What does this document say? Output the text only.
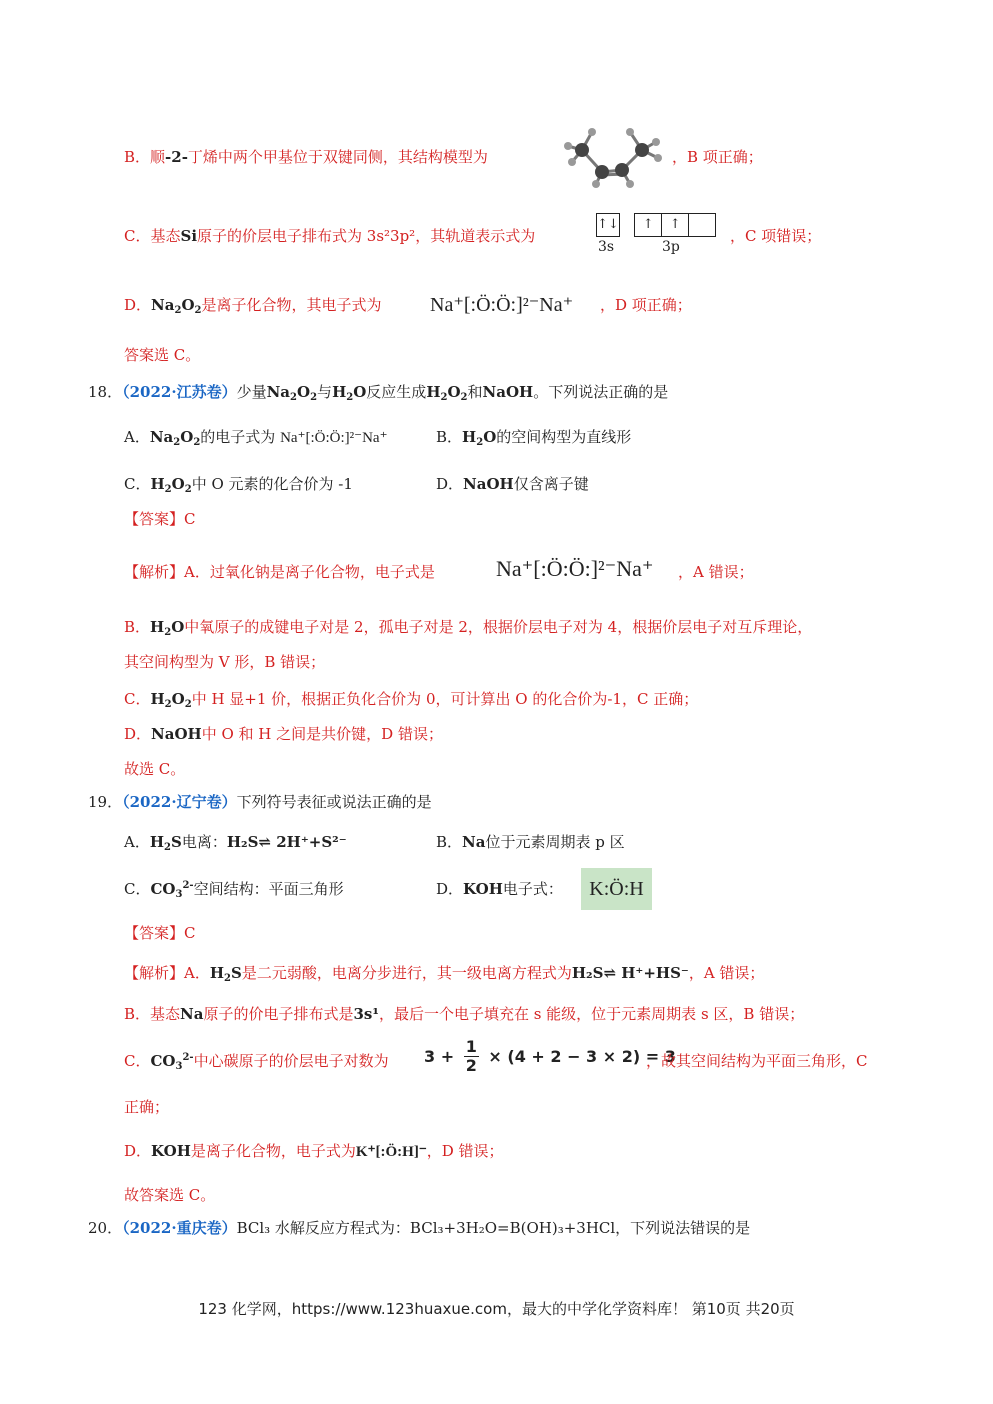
B．顺-2-丁烯中两个甲基位于双键同侧，其结构模型为	，B 项正确；
C．基态Si原子的价层电子排布式为 3s²3p²，其轨道表示式为
↑↓ ↑ ↑
3s	3p
，C 项错误；
D．$Na_2O_2$是离子化合物，其电子式为 Na⁺[:Ö:Ö:]²⁻Na⁺ ，D 项正确；
答案选 C。
18．（2022·江苏卷）少量$Na_2O_2$与$H_2O$反应生成$H_2O_2$和NaOH。下列说法正确的是
A．$Na_2O_2$的电子式为 Na⁺[:Ö:Ö:]²⁻Na⁺	B．$H_2O$的空间构型为直线形
C．$H_2O_2$中 O 元素的化合价为 -1	D．NaOH仅含离子键
【答案】C
【解析】A．过氧化钠是离子化合物，电子式是	Na⁺[:Ö:Ö:]²⁻Na⁺ ，A 错误；
B．$H_2O$中氧原子的成键电子对是 2，孤电子对是 2，根据价层电子对为 4，根据价层电子对互斥理论，
其空间构型为 V 形，B 错误；
C．$H_2O_2$中 H 显+1 价，根据正负化合价为 0，可计算出 O 的化合价为-1，C 正确；
D．NaOH中 O 和 H 之间是共价键，D 错误；
故选 C。
19．（2022·辽宁卷）下列符号表征或说法正确的是
A．$H_2S$电离：H₂S⇌ 2H⁺+S²⁻	B．Na位于元素周期表 p 区
C．$CO_3^{2-}$空间结构：平面三角形	D．KOH电子式：	K:Ö:H
【答案】C
【解析】A．$H_2S$是二元弱酸，电离分步进行，其一级电离方程式为H₂S⇌ H⁺+HS⁻，A 错误；
B．基态Na原子的价电子排布式是3s¹，最后一个电子填充在 s 能级，位于元素周期表 s 区，B 错误；
C．$CO_3^{2-}$中心碳原子的价层电子对数为 $3 + \frac{1}{2} \times (4 + 2 - 3 \times 2) = 3$
，故其空间结构为平面三角形，C
正确；
D．KOH是离子化合物，电子式为K⁺[:Ö:H]⁻，D 错误；
故答案选 C。
20．（2022·重庆卷）BCl₃ 水解反应方程式为：BCl₃+3H₂O=B(OH)₃+3HCl，下列说法错误的是
123 化学网，https://www.123huaxue.com，最大的中学化学资料库！ 第10页 共20页
